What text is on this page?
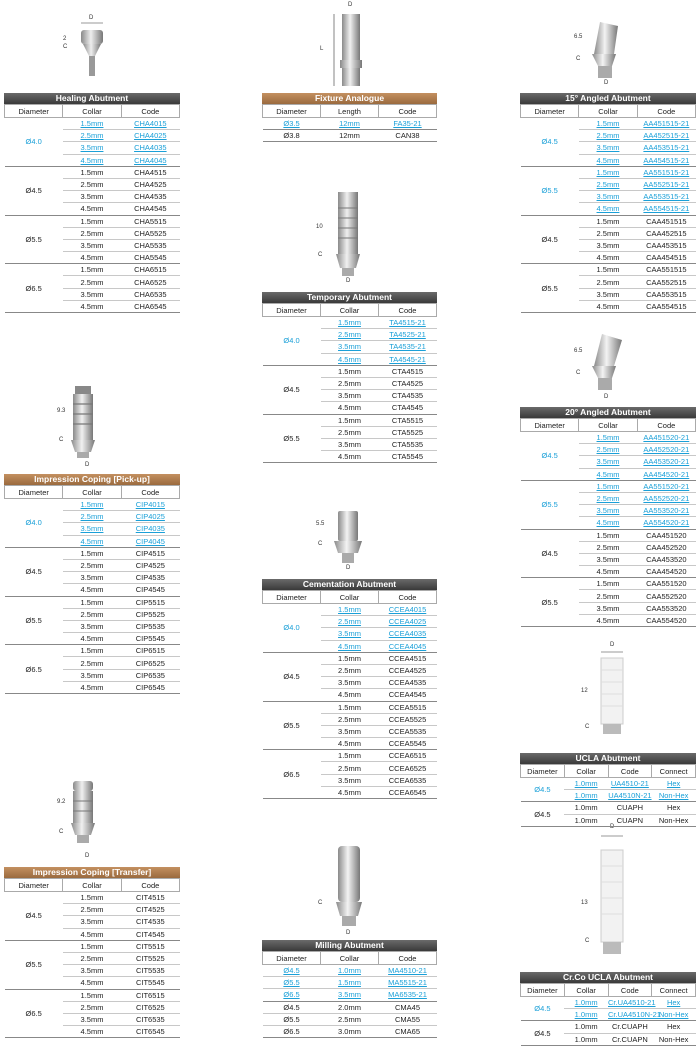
D
2
C
D
L
6.5
C
D
10
C
D
6.5
C
D
9.3
C
D
5.5
C
D
D
12
C
9.2
C
D
C
D
D
13
C
Healing Abutment
Diameter	Collar	Code
Ø4.0	1.5mm	CHA4015
	2.5mm	CHA4025
	3.5mm	CHA4035
	4.5mm	CHA4045
Ø4.5	1.5mm	CHA4515
	2.5mm	CHA4525
	3.5mm	CHA4535
	4.5mm	CHA4545
Ø5.5	1.5mm	CHA5515
	2.5mm	CHA5525
	3.5mm	CHA5535
	4.5mm	CHA5545
Ø6.5	1.5mm	CHA6515
	2.5mm	CHA6525
	3.5mm	CHA6535
	4.5mm	CHA6545
Fixture Analogue
Diameter	Length	Code
Ø3.5	12mm	FA35-21
Ø3.8	12mm	CAN38
15° Angled Abutment
Diameter	Collar	Code
Ø4.5	1.5mm	AA451515-21
	2.5mm	AA452515-21
	3.5mm	AA453515-21
	4.5mm	AA454515-21
Ø5.5	1.5mm	AA551515-21
	2.5mm	AA552515-21
	3.5mm	AA553515-21
	4.5mm	AA554515-21
Ø4.5	1.5mm	CAA451515
	2.5mm	CAA452515
	3.5mm	CAA453515
	4.5mm	CAA454515
Ø5.5	1.5mm	CAA551515
	2.5mm	CAA552515
	3.5mm	CAA553515
	4.5mm	CAA554515
Temporary Abutment
Diameter	Collar	Code
Ø4.0	1.5mm	TA4515-21
	2.5mm	TA4525-21
	3.5mm	TA4535-21
	4.5mm	TA4545-21
Ø4.5	1.5mm	CTA4515
	2.5mm	CTA4525
	3.5mm	CTA4535
	4.5mm	CTA4545
Ø5.5	1.5mm	CTA5515
	2.5mm	CTA5525
	3.5mm	CTA5535
	4.5mm	CTA5545
20° Angled Abutment
Diameter	Collar	Code
Ø4.5	1.5mm	AA451520-21
	2.5mm	AA452520-21
	3.5mm	AA453520-21
	4.5mm	AA454520-21
Ø5.5	1.5mm	AA551520-21
	2.5mm	AA552520-21
	3.5mm	AA553520-21
	4.5mm	AA554520-21
Ø4.5	1.5mm	CAA451520
	2.5mm	CAA452520
	3.5mm	CAA453520
	4.5mm	CAA454520
Ø5.5	1.5mm	CAA551520
	2.5mm	CAA552520
	3.5mm	CAA553520
	4.5mm	CAA554520
Impression Coping [Pick-up]
Diameter	Collar	Code
Ø4.0	1.5mm	CIP4015
	2.5mm	CIP4025
	3.5mm	CIP4035
	4.5mm	CIP4045
Ø4.5	1.5mm	CIP4515
	2.5mm	CIP4525
	3.5mm	CIP4535
	4.5mm	CIP4545
Ø5.5	1.5mm	CIP5515
	2.5mm	CIP5525
	3.5mm	CIP5535
	4.5mm	CIP5545
Ø6.5	1.5mm	CIP6515
	2.5mm	CIP6525
	3.5mm	CIP6535
	4.5mm	CIP6545
Cementation Abutment
Diameter	Collar	Code
Ø4.0	1.5mm	CCEA4015
	2.5mm	CCEA4025
	3.5mm	CCEA4035
	4.5mm	CCEA4045
Ø4.5	1.5mm	CCEA4515
	2.5mm	CCEA4525
	3.5mm	CCEA4535
	4.5mm	CCEA4545
Ø5.5	1.5mm	CCEA5515
	2.5mm	CCEA5525
	3.5mm	CCEA5535
	4.5mm	CCEA5545
Ø6.5	1.5mm	CCEA6515
	2.5mm	CCEA6525
	3.5mm	CCEA6535
	4.5mm	CCEA6545
UCLA Abutment
Diameter	Collar	Code	Connect
Ø4.5	1.0mm	UA4510-21	Hex
	1.0mm	UA4510N-21	Non-Hex
Ø4.5	1.0mm	CUAPH	Hex
	1.0mm	CUAPN	Non-Hex
Impression Coping [Transfer]
Diameter	Collar	Code
Ø4.5	1.5mm	CIT4515
	2.5mm	CIT4525
	3.5mm	CIT4535
	4.5mm	CIT4545
Ø5.5	1.5mm	CIT5515
	2.5mm	CIT5525
	3.5mm	CIT5535
	4.5mm	CIT5545
Ø6.5	1.5mm	CIT6515
	2.5mm	CIT6525
	3.5mm	CIT6535
	4.5mm	CIT6545
Milling Abutment
Diameter	Collar	Code
Ø4.5	1.0mm	MA4510-21
Ø5.5	1.5mm	MA5515-21
Ø6.5	3.5mm	MA6535-21
Ø4.5	2.0mm	CMA45
Ø5.5	2.5mm	CMA55
Ø6.5	3.0mm	CMA65
Cr.Co UCLA Abutment
Diameter	Collar	Code	Connect
Ø4.5	1.0mm	Cr.UA4510-21	Hex
	1.0mm	Cr.UA4510N-21	Non-Hex
Ø4.5	1.0mm	Cr.CUAPH	Hex
	1.0mm	Cr.CUAPN	Non-Hex
